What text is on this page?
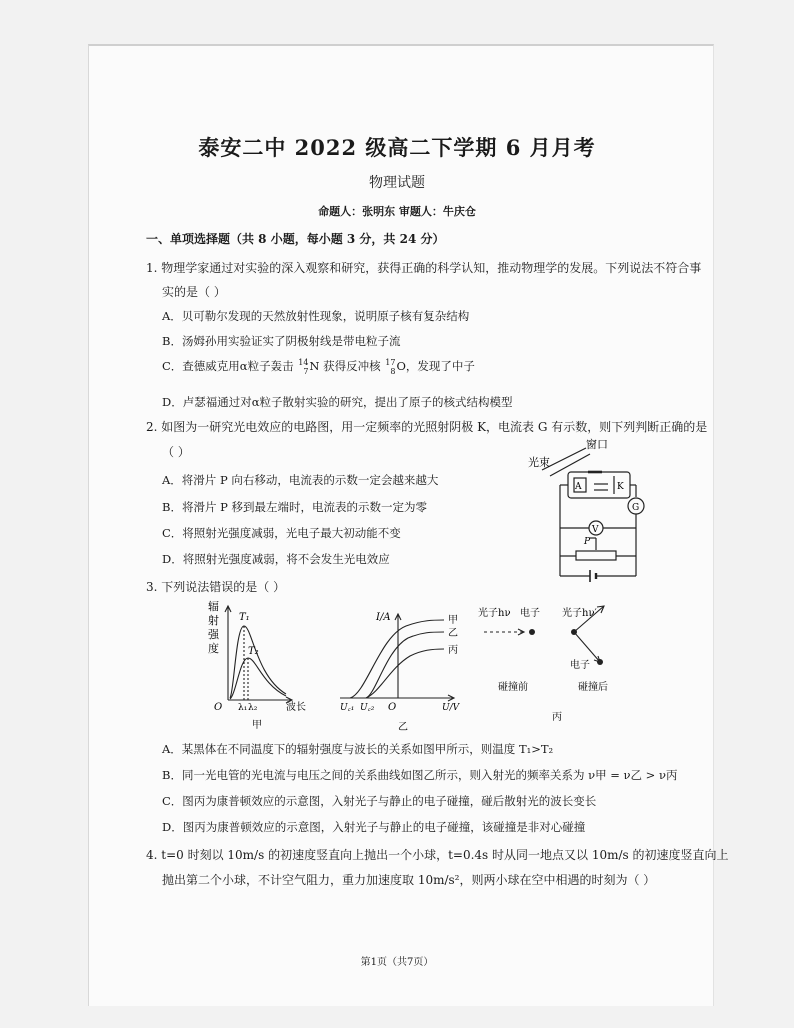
泰安二中 2022 级高二下学期 6 月月考
物理试题
命题人：张明东 审题人：牛庆仓
一、单项选择题（共 8 小题，每小题 3 分，共 24 分）
1. 物理学家通过对实验的深入观察和研究，获得正确的科学认知，推动物理学的发展。下列说法不符合事
实的是（ ）
A．贝可勒尔发现的天然放射性现象，说明原子核有复杂结构
B．汤姆孙用实验证实了阴极射线是带电粒子流
C．查德威克用α粒子轰击 14
7N 获得反冲核 17
8O，发现了中子
D．卢瑟福通过对α粒子散射实验的研究，提出了原子的核式结构模型
2. 如图为一研究光电效应的电路图，用一定频率的光照射阴极 K，电流表 G 有示数，则下列判断正确的是
（ ）
A．将滑片 P 向右移动，电流表的示数一定会越来越大
B．将滑片 P 移到最左端时，电流表的示数一定为零
C．将照射光强度减弱，光电子最大初动能不变
D．将照射光强度减弱，将不会发生光电效应
窗口
光束
A	K
G
V
P
3. 下列说法错误的是（ ）
辐
射
强
度
T₁
T₂
O λ₁ λ₂	波长
甲
I/A	甲
乙
丙
O
U꜀₁ U꜀₂	U/V
乙
光子hν 电子 光子hν′
电子
碰撞前	碰撞后
丙
A．某黑体在不同温度下的辐射强度与波长的关系如图甲所示，则温度 T₁>T₂
B．同一光电管的光电流与电压之间的关系曲线如图乙所示，则入射光的频率关系为 ν甲 = ν乙 > ν丙
C．图丙为康普顿效应的示意图，入射光子与静止的电子碰撞，碰后散射光的波长变长
D．图丙为康普顿效应的示意图，入射光子与静止的电子碰撞，该碰撞是非对心碰撞
4. t=0 时刻以 10m/s 的初速度竖直向上抛出一个小球，t=0.4s 时从同一地点又以 10m/s 的初速度竖直向上
抛出第二个小球，不计空气阻力，重力加速度取 10m/s²，则两小球在空中相遇的时刻为（ ）
第1页（共7页）
